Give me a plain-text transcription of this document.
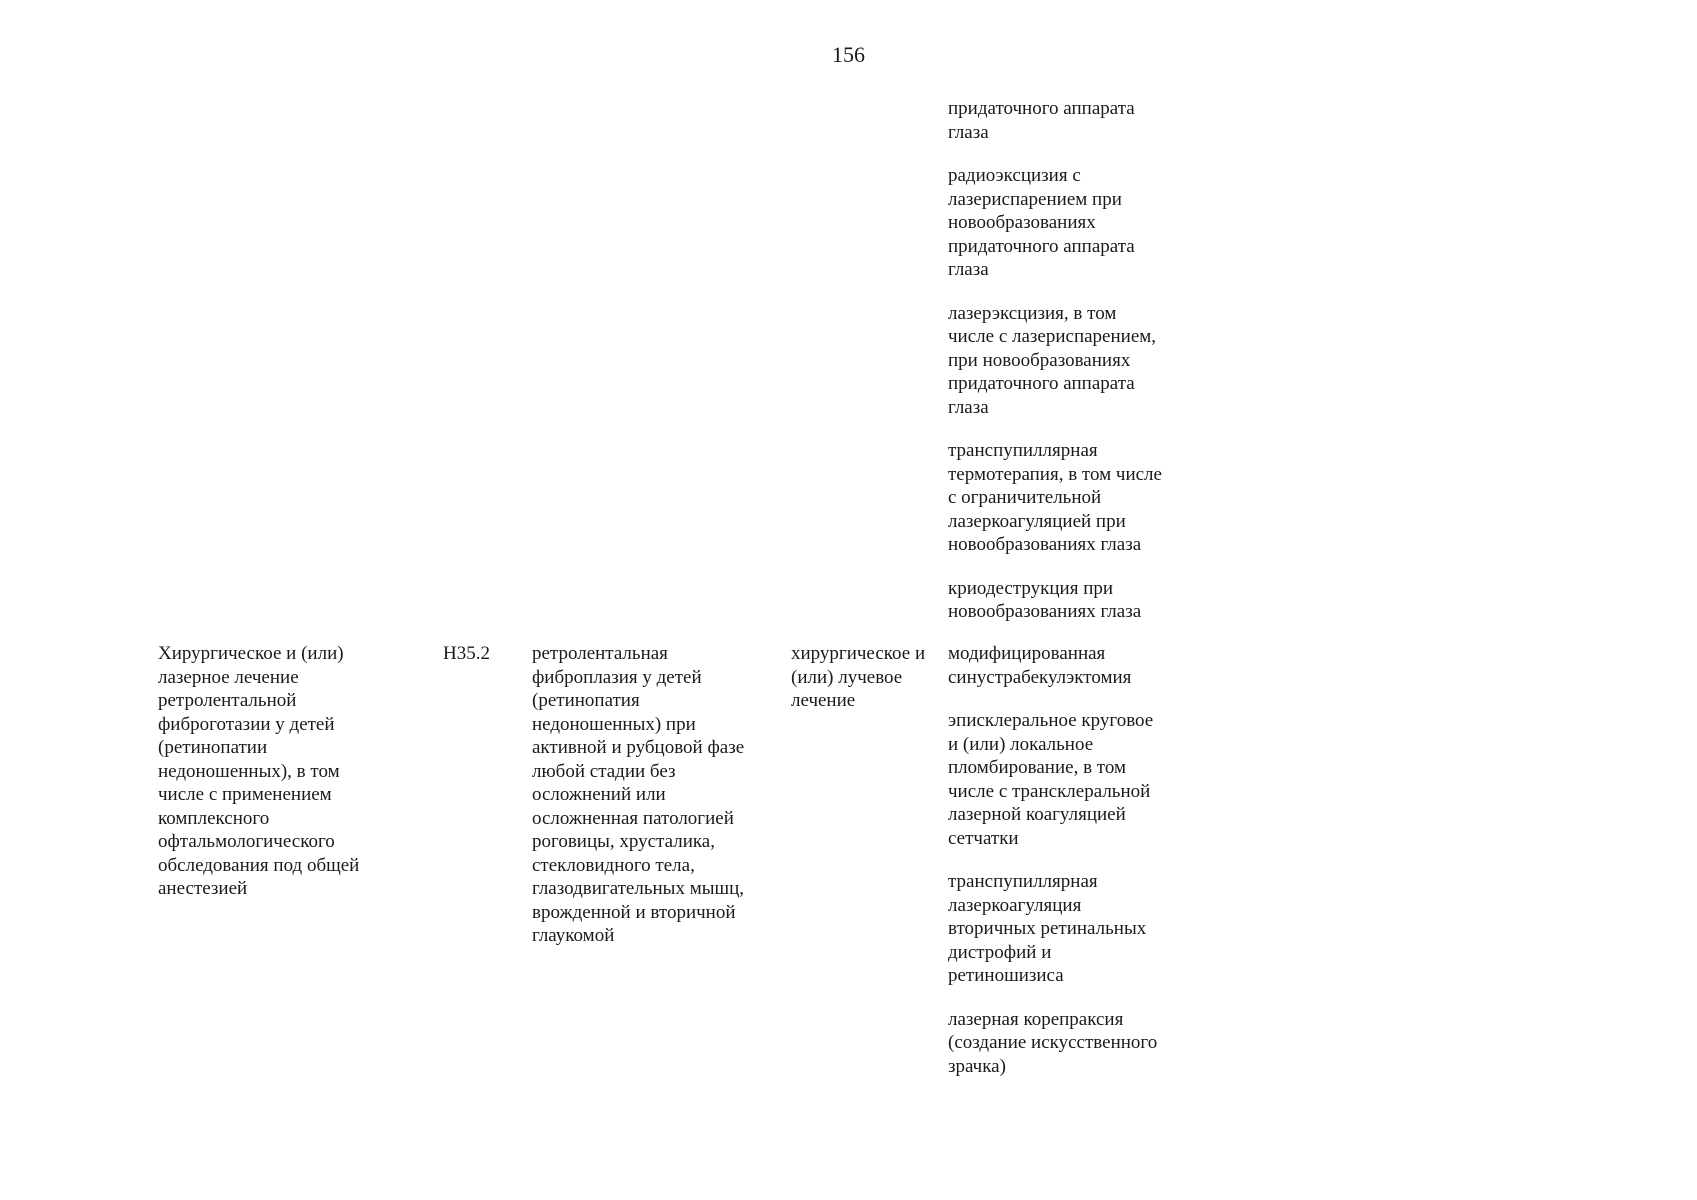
156

придаточного аппарата
глаза

радиоэксцизия с
лазериспарением при
новообразованиях
придаточного аппарата
глаза

лазерэксцизия, в том
числе с лазериспарением,
при новообразованиях
придаточного аппарата
глаза

транспупиллярная
термотерапия, в том числе
с ограничительной
лазеркоагуляцией при
новообразованиях глаза

криодеструкция при
новообразованиях глаза

Хирургическое и (или)
лазерное лечение
ретролентальной
фиброготазии у детей
(ретинопатии
недоношенных), в том
числе с применением
комплексного
офтальмологического
обследования под общей
анестезией
H35.2	ретролентальная
фиброплазия у детей
(ретинопатия
недоношенных) при
активной и рубцовой фазе
любой стадии без
осложнений или
осложненная патологией
роговицы, хрусталика,
стекловидного тела,
глазодвигательных мышц,
врожденной и вторичной
глаукомой
хирургическое и
(или) лучевое
лечение

модифицированная
синустрабекулэктомия

эписклеральное круговое
и (или) локальное
пломбирование, в том
числе с трансклеральной
лазерной коагуляцией
сетчатки

транспупиллярная
лазеркоагуляция
вторичных ретинальных
дистрофий и
ретиношизиса

лазерная корепраксия
(создание искусственного
зрачка)
